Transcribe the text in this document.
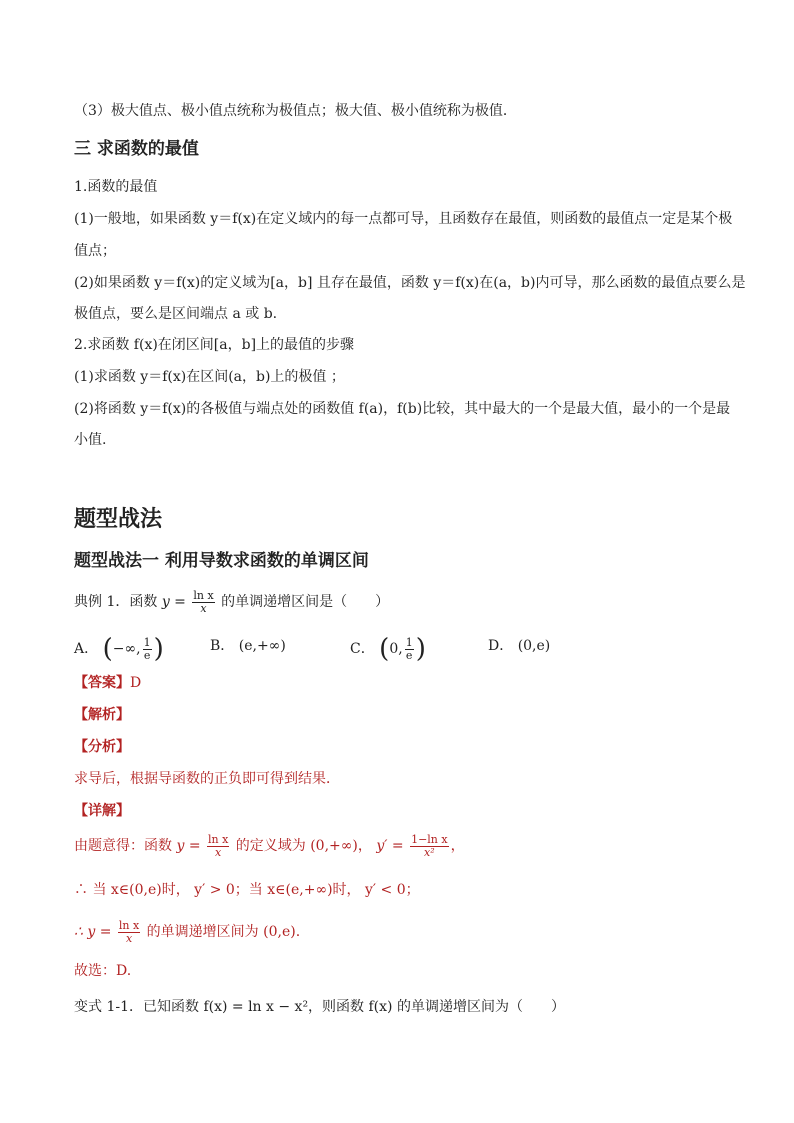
（3）极大值点、极小值点统称为极值点；极大值、极小值统称为极值．
三 求函数的最值
1.函数的最值
(1)一般地，如果函数 y＝f(x)在定义域内的每一点都可导，且函数存在最值，则函数的最值点一定是某个极
值点；
(2)如果函数 y＝f(x)的定义域为[a，b] 且存在最值，函数 y＝f(x)在(a，b)内可导，那么函数的最值点要么是
极值点，要么是区间端点 a 或 b.
2.求函数 f(x)在闭区间[a，b]上的最值的步骤
(1)求函数 y＝f(x)在区间(a，b)上的极值 ；
(2)将函数 y＝f(x)的各极值与端点处的函数值 f(a)，f(b)比较，其中最大的一个是最大值，最小的一个是最
小值.
题型战法
题型战法一 利用导数求函数的单调区间
典例 1．函数 $y = \frac{\text{ln x}}{x}$ 的单调递增区间是（　　）
A． (−∞, $\frac{1}{e}$ )	B． (e,+∞)	C． (0, $\frac{1}{e}$ )	D． (0,e)
【答案】D
【解析】
【分析】
求导后，根据导函数的正负即可得到结果．
【详解】
由题意得：函数 $y = \frac{\text{ln x}}{x}$ 的定义域为 (0,+∞)， $y' = \frac{\text{1−ln x}}{\text{x²}}$ ，
∴ 当 x∈(0,e)时， y′ > 0；当 x∈(e,+∞)时， y′ < 0；
∴ $y = \frac{\text{ln x}}{x}$ 的单调递增区间为 (0,e).
故选：D.
变式 1-1．已知函数 f(x) = ln x − x²，则函数 f(x) 的单调递增区间为（　　）
